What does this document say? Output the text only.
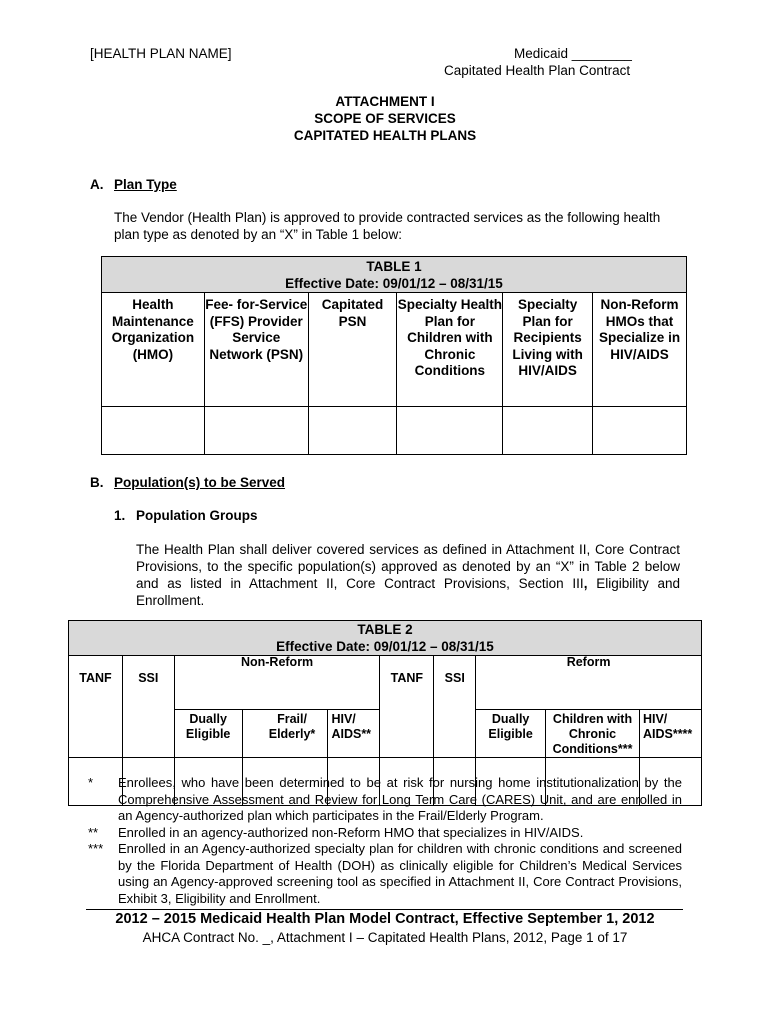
[HEALTH PLAN NAME]	Medicaid ________
Capitated Health Plan Contract
ATTACHMENT I
SCOPE OF SERVICES
CAPITATED HEALTH PLANS
A. Plan Type
The Vendor (Health Plan) is approved to provide contracted services as the following health plan type as denoted by an “X” in Table 1 below:
TABLE 1
Effective Date: 09/01/12 – 08/31/15					

Health Maintenance Organization (HMO)	Fee- for-Service (FFS) Provider Service Network (PSN)	Capitated PSN	Specialty Health Plan for Children with Chronic Conditions	Specialty Plan for Recipients Living with HIV/AIDS	Non-Reform HMOs that Specialize in HIV/AIDS

B. Population(s) to be Served
1. Population Groups
The Health Plan shall deliver covered services as defined in Attachment II, Core Contract Provisions, to the specific population(s) approved as denoted by an “X” in Table 2 below and as listed in Attachment II, Core Contract Provisions, Section III, Eligibility and Enrollment.
TABLE 2
Effective Date: 09/01/12 – 08/31/15									

TANF	SSI	Non-Reform			TANF	SSI	Reform		
		Dually Eligible	Frail/ Elderly*	HIV/ AIDS**			Dually Eligible	Children with Chronic Conditions***	HIV/ AIDS****

*	Enrollees, who have been determined to be at risk for nursing home institutionalization by the Comprehensive Assessment and Review for Long Term Care (CARES) Unit, and are enrolled in an Agency-authorized plan which participates in the Frail/Elderly Program.
**	Enrolled in an agency-authorized non-Reform HMO that specializes in HIV/AIDS.
***	Enrolled in an Agency-authorized specialty plan for children with chronic conditions and screened by the Florida Department of Health (DOH) as clinically eligible for Children’s Medical Services using an Agency-approved screening tool as specified in Attachment II, Core Contract Provisions, Exhibit 3, Eligibility and Enrollment.
2012 – 2015 Medicaid Health Plan Model Contract, Effective September 1, 2012
AHCA Contract No. _, Attachment I – Capitated Health Plans, 2012, Page 1 of 17
